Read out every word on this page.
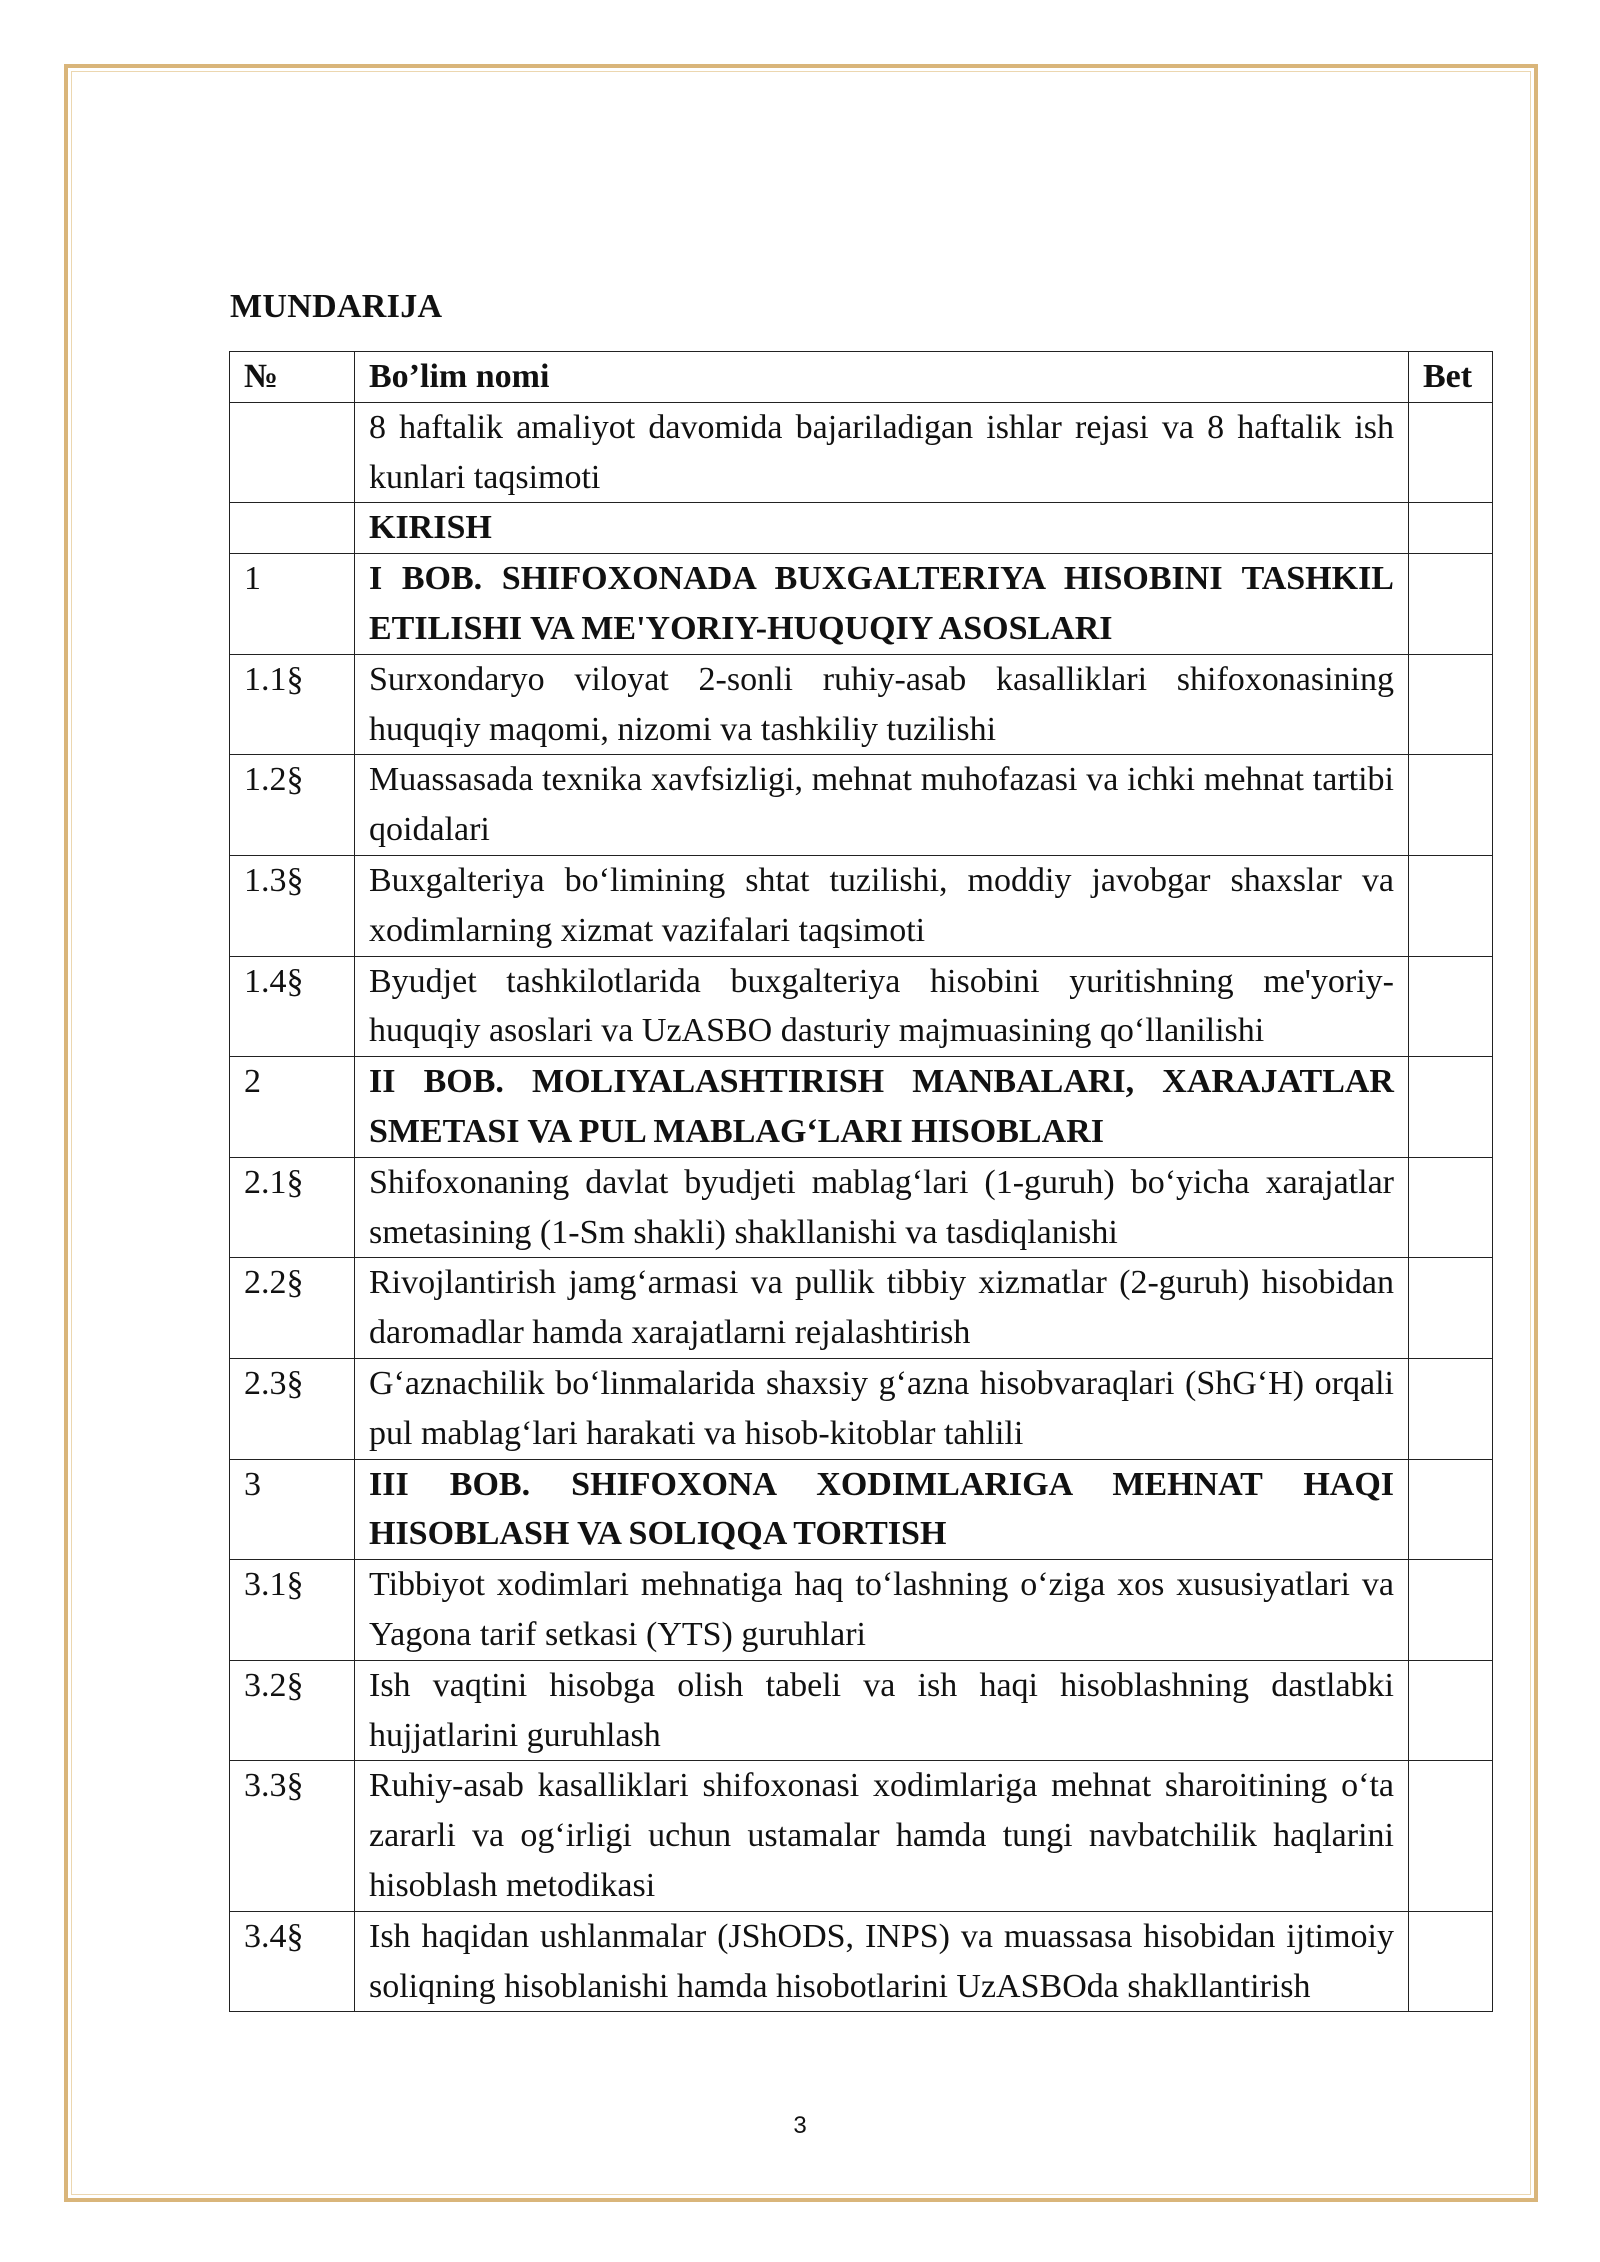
MUNDARIJA
№	Bo’lim nomi	Bet
	8 haftalik amaliyot davomida bajariladigan ishlar rejasi va 8 haftalik ish kunlari taqsimoti	
	KIRISH	
1	I BOB. SHIFOXONADA BUXGALTERIYA HISOBINI TASHKIL ETILISHI VA ME'YORIY-HUQUQIY ASOSLARI	
1.1§	Surxondaryo viloyat 2-sonli ruhiy-asab kasalliklari shifoxonasining huquqiy maqomi, nizomi va tashkiliy tuzilishi	
1.2§	Muassasada texnika xavfsizligi, mehnat muhofazasi va ichki mehnat tartibi qoidalari	
1.3§	Buxgalteriya bo‘limining shtat tuzilishi, moddiy javobgar shaxslar va xodimlarning xizmat vazifalari taqsimoti	
1.4§	Byudjet tashkilotlarida buxgalteriya hisobini yuritishning me'yoriy-huquqiy asoslari va UzASBO dasturiy majmuasining qo‘llanilishi	
2	II BOB. MOLIYALASHTIRISH MANBALARI, XARAJATLAR SMETASI VA PUL MABLAG‘LARI HISOBLARI	
2.1§	Shifoxonaning davlat byudjeti mablag‘lari (1-guruh) bo‘yicha xarajatlar smetasining (1-Sm shakli) shakllanishi va tasdiqlanishi	
2.2§	Rivojlantirish jamg‘armasi va pullik tibbiy xizmatlar (2-guruh) hisobidan daromadlar hamda xarajatlarni rejalashtirish	
2.3§	G‘aznachilik bo‘linmalarida shaxsiy g‘azna hisobvaraqlari (ShG‘H) orqali pul mablag‘lari harakati va hisob-kitoblar tahlili	
3	III BOB. SHIFOXONA XODIMLARIGA MEHNAT HAQI HISOBLASH VA SOLIQQA TORTISH	
3.1§	Tibbiyot xodimlari mehnatiga haq to‘lashning o‘ziga xos xususiyatlari va Yagona tarif setkasi (YTS) guruhlari	
3.2§	Ish vaqtini hisobga olish tabeli va ish haqi hisoblashning dastlabki hujjatlarini guruhlash	
3.3§	Ruhiy-asab kasalliklari shifoxonasi xodimlariga mehnat sharoitining o‘ta zararli va og‘irligi uchun ustamalar hamda tungi navbatchilik haqlarini hisoblash metodikasi	
3.4§	Ish haqidan ushlanmalar (JShODS, INPS) va muassasa hisobidan ijtimoiy soliqning hisoblanishi hamda hisobotlarini UzASBOda shakllantirish	
3
